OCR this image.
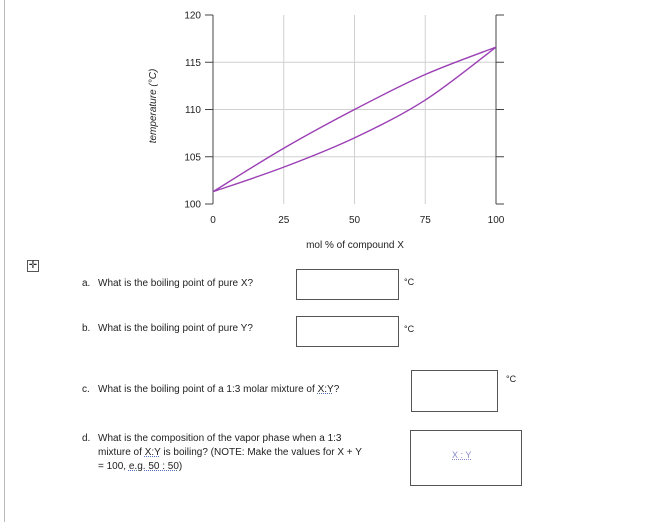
✛
100
105
110
115
120
0	25	50	75	100
mol % of compound X
temperature (°C)
a. What is the boiling point of pure X?	°C
b. What is the boiling point of pure Y?	°C
c. What is the boiling point of a 1:3 molar mixture of X:Y?
°C
d. What is the composition of the vapor phase when a 1:3
mixture of X:Y is boiling? (NOTE: Make the values for X + Y
= 100, e.g. 50 : 50)
X : Y
